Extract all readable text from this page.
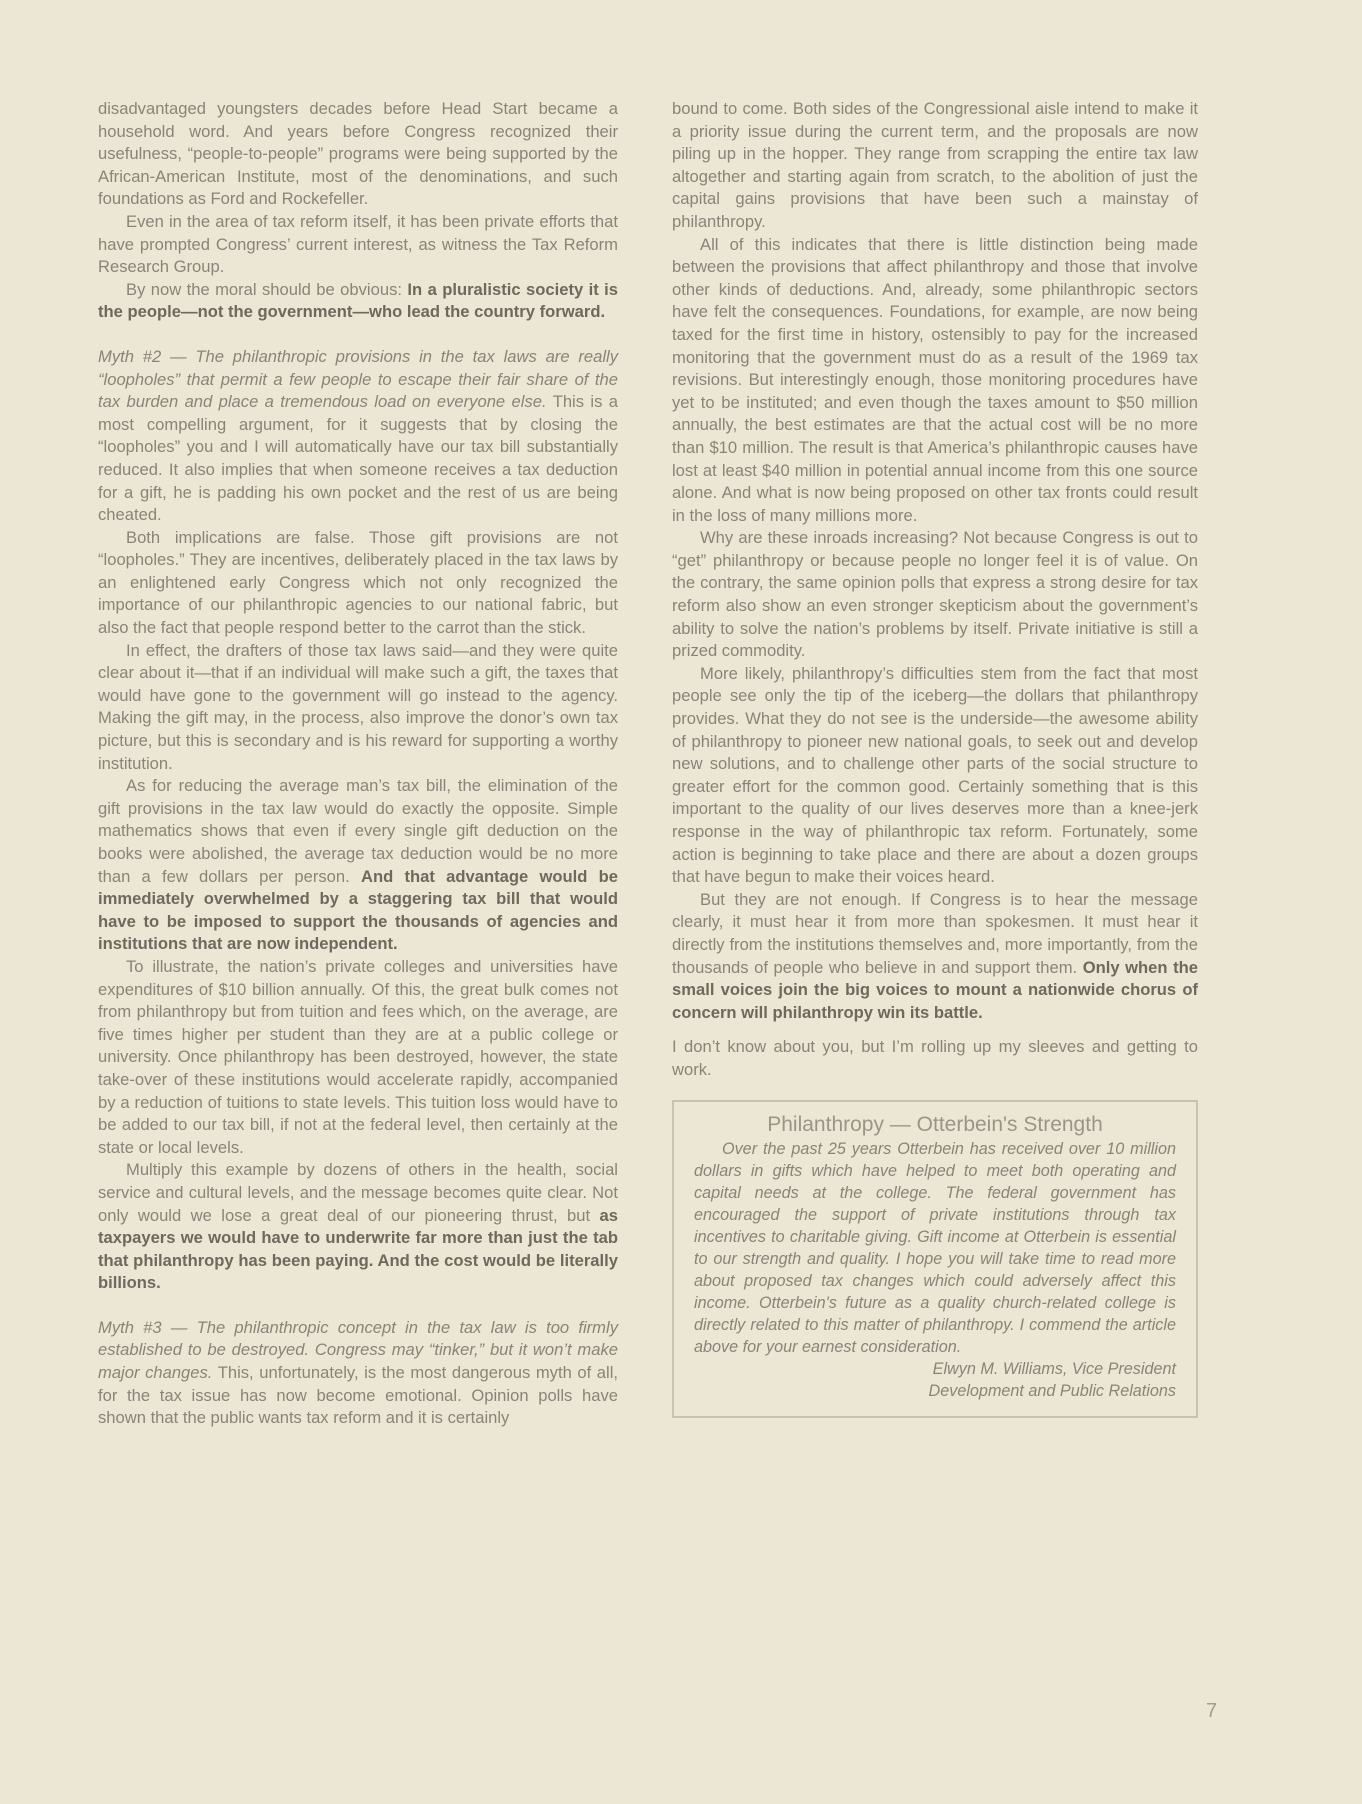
disadvantaged youngsters decades before Head Start became a household word. And years before Congress recognized their usefulness, “people-to-people” programs were being supported by the African-American Institute, most of the denominations, and such foundations as Ford and Rockefeller.

Even in the area of tax reform itself, it has been private efforts that have prompted Congress’ current interest, as witness the Tax Reform Research Group.

By now the moral should be obvious: In a pluralistic society it is the people—not the government—who lead the country forward.

Myth #2 — The philanthropic provisions in the tax laws are really “loopholes” that permit a few people to escape their fair share of the tax burden and place a tremendous load on everyone else. This is a most compelling argument, for it suggests that by closing the “loopholes” you and I will automatically have our tax bill substantially reduced. It also implies that when someone receives a tax deduction for a gift, he is padding his own pocket and the rest of us are being cheated.

Both implications are false. Those gift provisions are not “loopholes.” They are incentives, deliberately placed in the tax laws by an enlightened early Congress which not only recognized the importance of our philanthropic agencies to our national fabric, but also the fact that people respond better to the carrot than the stick.

In effect, the drafters of those tax laws said—and they were quite clear about it—that if an individual will make such a gift, the taxes that would have gone to the government will go instead to the agency. Making the gift may, in the process, also improve the donor’s own tax picture, but this is secondary and is his reward for supporting a worthy institution.

As for reducing the average man’s tax bill, the elimination of the gift provisions in the tax law would do exactly the opposite. Simple mathematics shows that even if every single gift deduction on the books were abolished, the average tax deduction would be no more than a few dollars per person. And that advantage would be immediately overwhelmed by a staggering tax bill that would have to be imposed to support the thousands of agencies and institutions that are now independent.

To illustrate, the nation’s private colleges and universities have expenditures of $10 billion annually. Of this, the great bulk comes not from philanthropy but from tuition and fees which, on the average, are five times higher per student than they are at a public college or university. Once philanthropy has been destroyed, however, the state take-over of these institutions would accelerate rapidly, accompanied by a reduction of tuitions to state levels. This tuition loss would have to be added to our tax bill, if not at the federal level, then certainly at the state or local levels.

Multiply this example by dozens of others in the health, social service and cultural levels, and the message becomes quite clear. Not only would we lose a great deal of our pioneering thrust, but as taxpayers we would have to underwrite far more than just the tab that philanthropy has been paying. And the cost would be literally billions.

Myth #3 — The philanthropic concept in the tax law is too firmly established to be destroyed. Congress may “tinker,” but it won’t make major changes. This, unfortunately, is the most dangerous myth of all, for the tax issue has now become emotional. Opinion polls have shown that the public wants tax reform and it is certainly

bound to come. Both sides of the Congressional aisle intend to make it a priority issue during the current term, and the proposals are now piling up in the hopper. They range from scrapping the entire tax law altogether and starting again from scratch, to the abolition of just the capital gains provisions that have been such a mainstay of philanthropy.

All of this indicates that there is little distinction being made between the provisions that affect philanthropy and those that involve other kinds of deductions. And, already, some philanthropic sectors have felt the consequences. Foundations, for example, are now being taxed for the first time in history, ostensibly to pay for the increased monitoring that the government must do as a result of the 1969 tax revisions. But interestingly enough, those monitoring procedures have yet to be instituted; and even though the taxes amount to $50 million annually, the best estimates are that the actual cost will be no more than $10 million. The result is that America’s philanthropic causes have lost at least $40 million in potential annual income from this one source alone. And what is now being proposed on other tax fronts could result in the loss of many millions more.

Why are these inroads increasing? Not because Congress is out to “get” philanthropy or because people no longer feel it is of value. On the contrary, the same opinion polls that express a strong desire for tax reform also show an even stronger skepticism about the government’s ability to solve the nation’s problems by itself. Private initiative is still a prized commodity.

More likely, philanthropy’s difficulties stem from the fact that most people see only the tip of the iceberg—the dollars that philanthropy provides. What they do not see is the underside—the awesome ability of philanthropy to pioneer new national goals, to seek out and develop new solutions, and to challenge other parts of the social structure to greater effort for the common good. Certainly something that is this important to the quality of our lives deserves more than a knee-jerk response in the way of philanthropic tax reform. Fortunately, some action is beginning to take place and there are about a dozen groups that have begun to make their voices heard.

But they are not enough. If Congress is to hear the message clearly, it must hear it from more than spokesmen. It must hear it directly from the institutions themselves and, more importantly, from the thousands of people who believe in and support them. Only when the small voices join the big voices to mount a nationwide chorus of concern will philanthropy win its battle.

I don’t know about you, but I’m rolling up my sleeves and getting to work.

Philanthropy — Otterbein's Strength

Over the past 25 years Otterbein has received over 10 million dollars in gifts which have helped to meet both operating and capital needs at the college. The federal government has encouraged the support of private institutions through tax incentives to charitable giving. Gift income at Otterbein is essential to our strength and quality. I hope you will take time to read more about proposed tax changes which could adversely affect this income. Otterbein's future as a quality church-related college is directly related to this matter of philanthropy. I commend the article above for your earnest consideration.

Elwyn M. Williams, Vice President

Development and Public Relations

7
